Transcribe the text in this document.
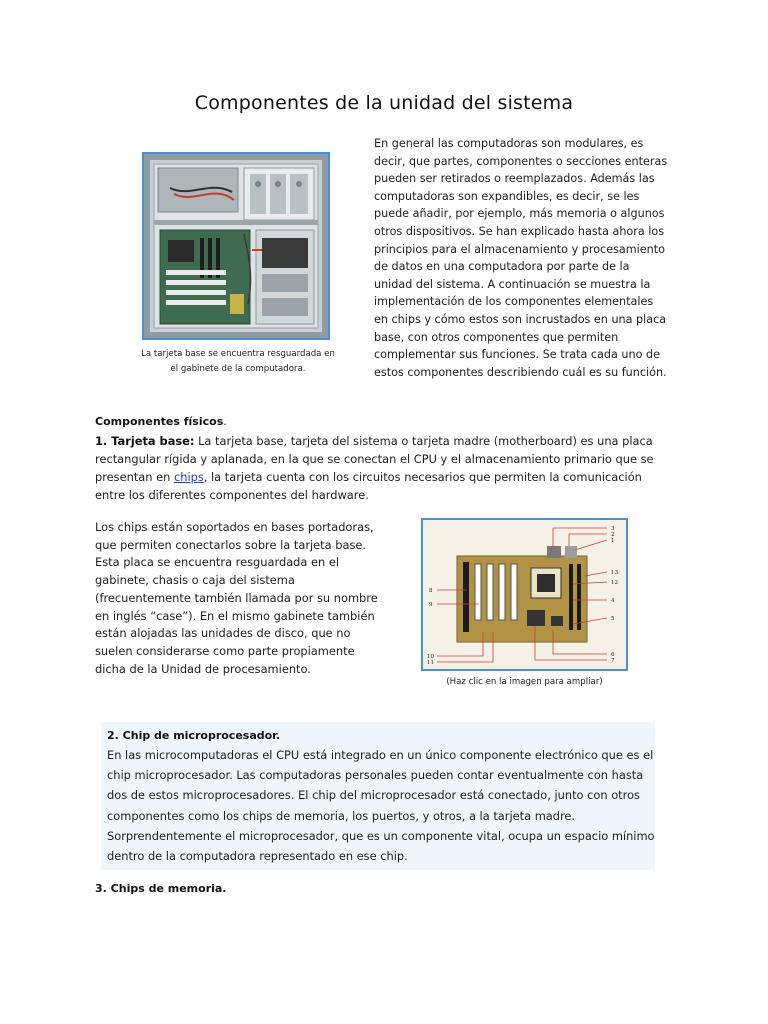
Componentes de la unidad del sistema
La tarjeta base se encuentra resguardada en el gabinete de la computadora.

En general las computadoras son modulares, es decir, que partes, componentes o secciones enteras pueden ser retirados o reemplazados. Además las computadoras son expandibles, es decir, se les puede añadir, por ejemplo, más memoria o algunos otros dispositivos. Se han explicado hasta ahora los principios para el almacenamiento y procesamiento de datos en una computadora por parte de la unidad del sistema. A continuación se muestra la implementación de los componentes elementales en chips y cómo estos son incrustados en una placa base, con otros componentes que permiten complementar sus funciones. Se trata cada uno de estos componentes describiendo cuál es su función.

Componentes físicos.
1. Tarjeta base: La tarjeta base, tarjeta del sistema o tarjeta madre (motherboard) es una placa rectangular rígida y aplanada, en la que se conectan el CPU y el almacenamiento primario que se presentan en chips, la tarjeta cuenta con los circuitos necesarios que permiten la comunicación entre los diferentes componentes del hardware.
Los chips están soportados en bases portadoras, que permiten conectarlos sobre la tarjeta base. Esta placa se encuentra resguardada en el gabinete, chasis o caja del sistema (frecuentemente también llamada por su nombre en inglés “case”). En el mismo gabinete también están alojadas las unidades de disco, que no suelen considerarse como parte propiamente dicha de la Unidad de procesamiento.
3
2
1
13
12
4
5
6
7
8
9
10
11
(Haz clic en la imagen para ampliar)
2. Chip de microprocesador.
En las microcomputadoras el CPU está integrado en un único componente electrónico que es el chip microprocesador. Las computadoras personales pueden contar eventualmente con hasta dos de estos microprocesadores. El chip del microprocesador está conectado, junto con otros componentes como los chips de memoria, los puertos, y otros, a la tarjeta madre. Sorprendentemente el microprocesador, que es un componente vital, ocupa un espacio mínimo dentro de la computadora representado en ese chip.
3. Chips de memoria.
